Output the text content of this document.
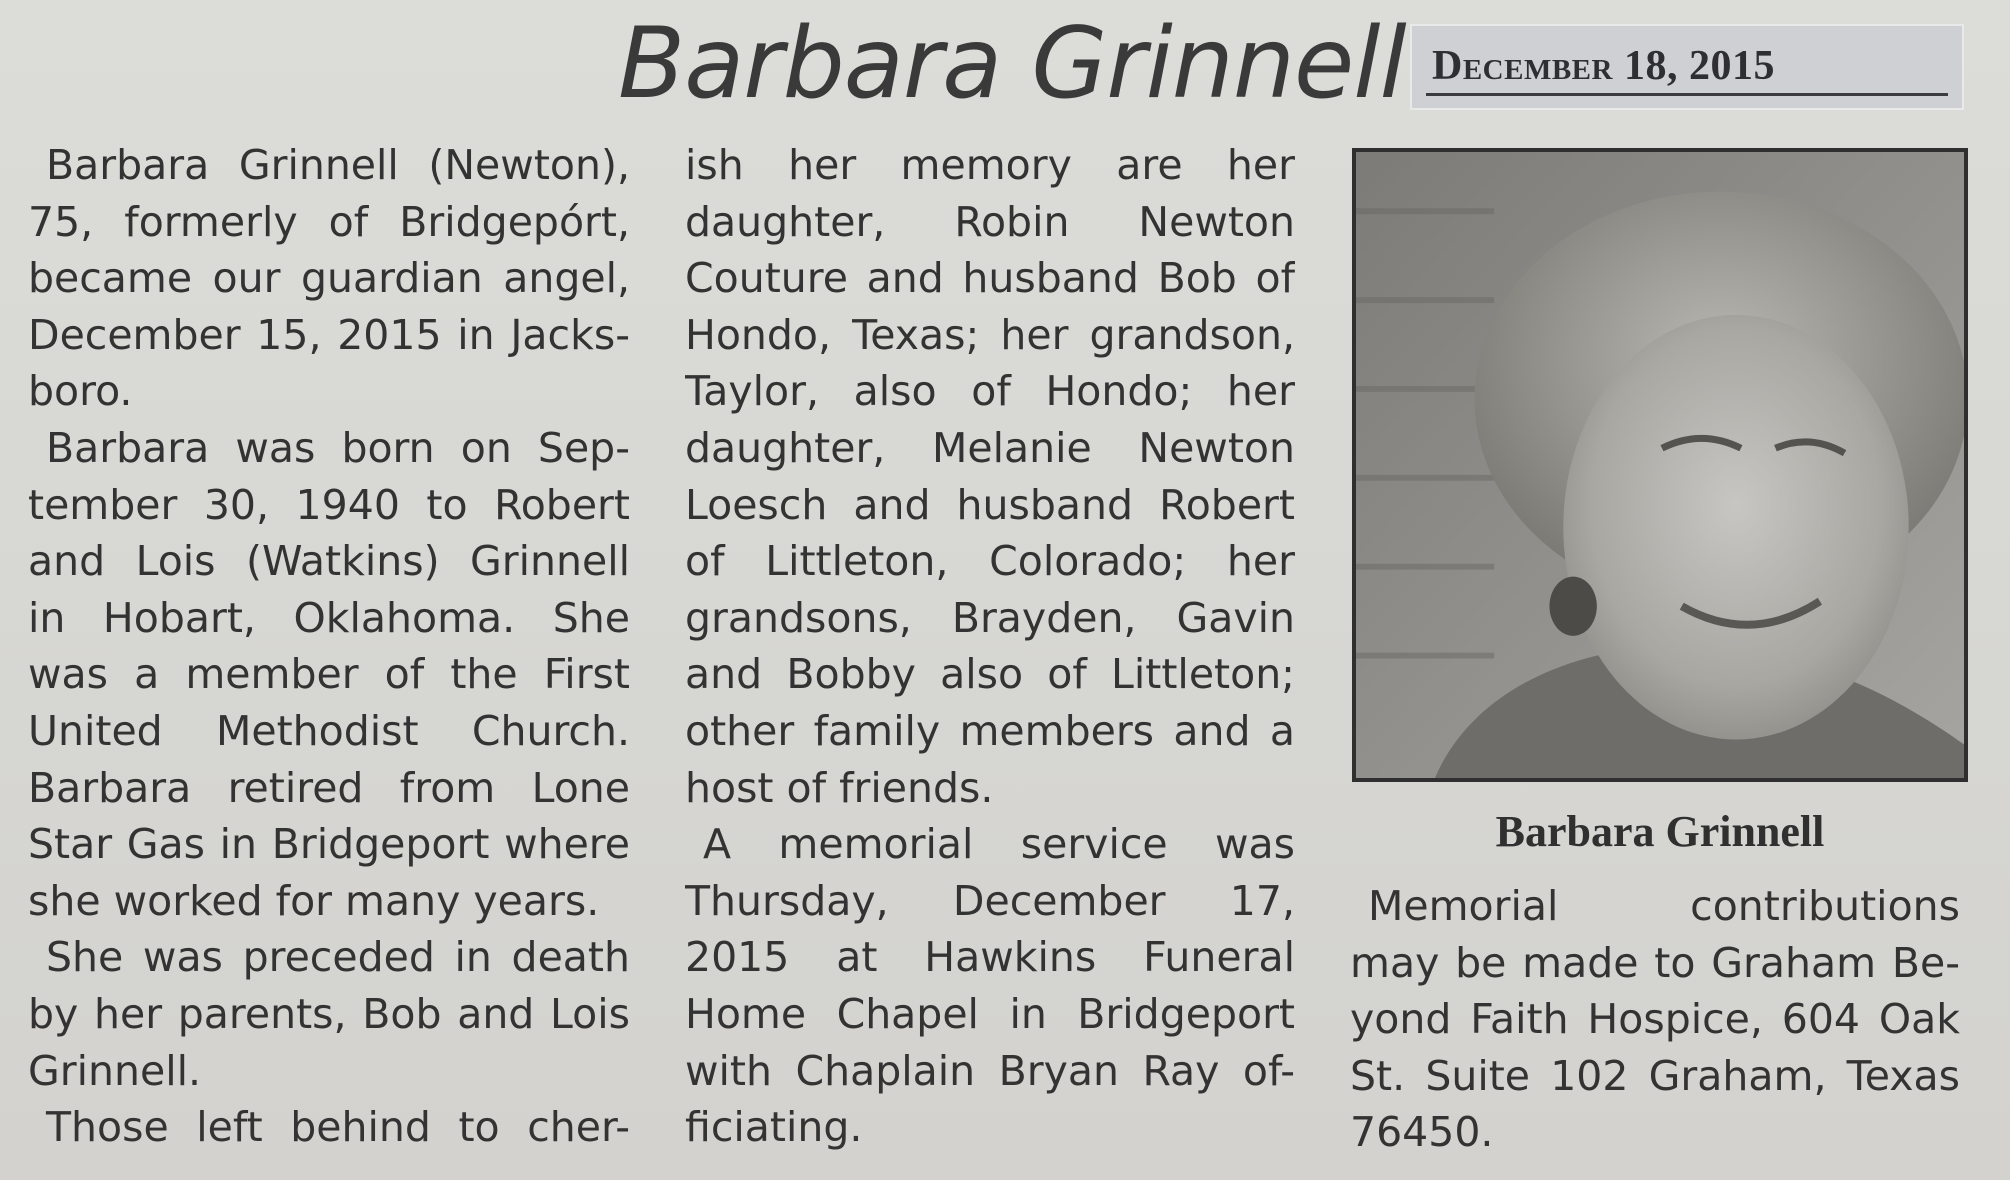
Barbara Grinnell December 18, 2015
Barbara Grinnell (Newton),
75, formerly of Bridgepórt,
became our guardian angel,
December 15, 2015 in Jacks-
boro.
Barbara was born on Sep-
tember 30, 1940 to Robert
and Lois (Watkins) Grinnell
in Hobart, Oklahoma. She
was a member of the First
United Methodist Church.
Barbara retired from Lone
Star Gas in Bridgeport where
she worked for many years.
She was preceded in death
by her parents, Bob and Lois
Grinnell.
Those left behind to cher-
ish her memory are her
daughter, Robin Newton
Couture and husband Bob of
Hondo, Texas; her grandson,
Taylor, also of Hondo; her
daughter, Melanie Newton
Loesch and husband Robert
of Littleton, Colorado; her
grandsons, Brayden, Gavin
and Bobby also of Littleton;
other family members and a
host of friends.
A memorial service was
Thursday, December 17,
2015 at Hawkins Funeral
Home Chapel in Bridgeport
with Chaplain Bryan Ray of-
ficiating.
Barbara Grinnell
Memorial contributions
may be made to Graham Be-
yond Faith Hospice, 604 Oak
St. Suite 102 Graham, Texas
76450.
